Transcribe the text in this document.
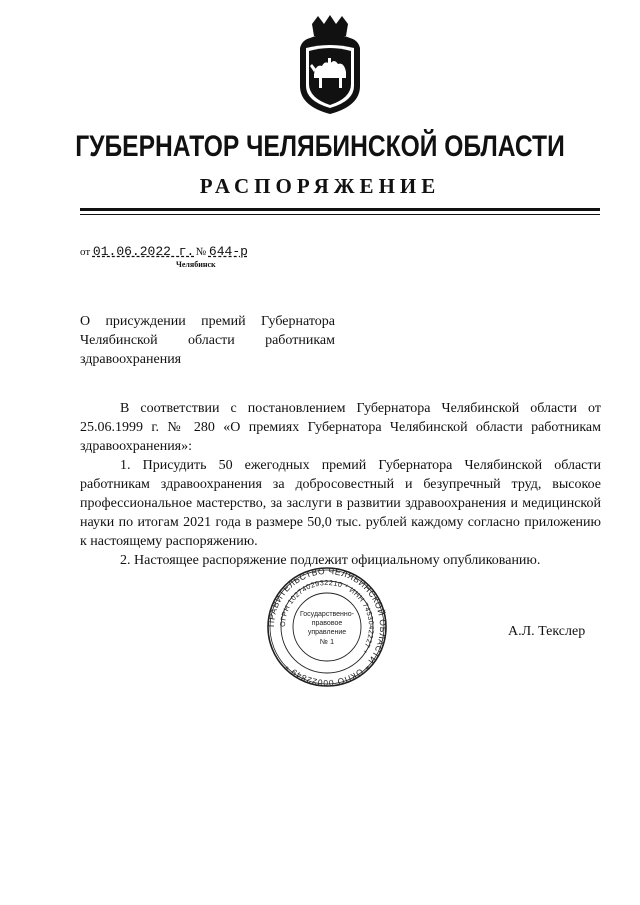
ГУБЕРНАТОР ЧЕЛЯБИНСКОЙ ОБЛАСТИ
РАСПОРЯЖЕНИЕ
от 01.06.2022 г. № 644-р
Челябинск
О присуждении премий Губернатора
Челябинской области работникам
здравоохранения

В соответствии с постановлением Губернатора Челябинской области от 25.06.1999 г. № 280 «О премиях Губернатора Челябинской области работникам здравоохранения»:

1. Присудить 50 ежегодных премий Губернатора Челябинской области работникам здравоохранения за добросовестный и безупречный труд, высокое профессиональное мастерство, за заслуги в развитии здравоохранения и медицинской науки по итогам 2021 года в размере 50,0 тыс. рублей каждому согласно приложению к настоящему распоряжению.

2. Настоящее распоряжение подлежит официальному опубликованию.

ПРАВИТЕЛЬСТВО ЧЕЛЯБИНСКОЙ ОБЛАСТИ * ОКПО 00022849 *
ОГРН 1027402932210 * ИНН 7453042227 *
Государственно-
правовое
управление
№ 1
А.Л. Текслер
